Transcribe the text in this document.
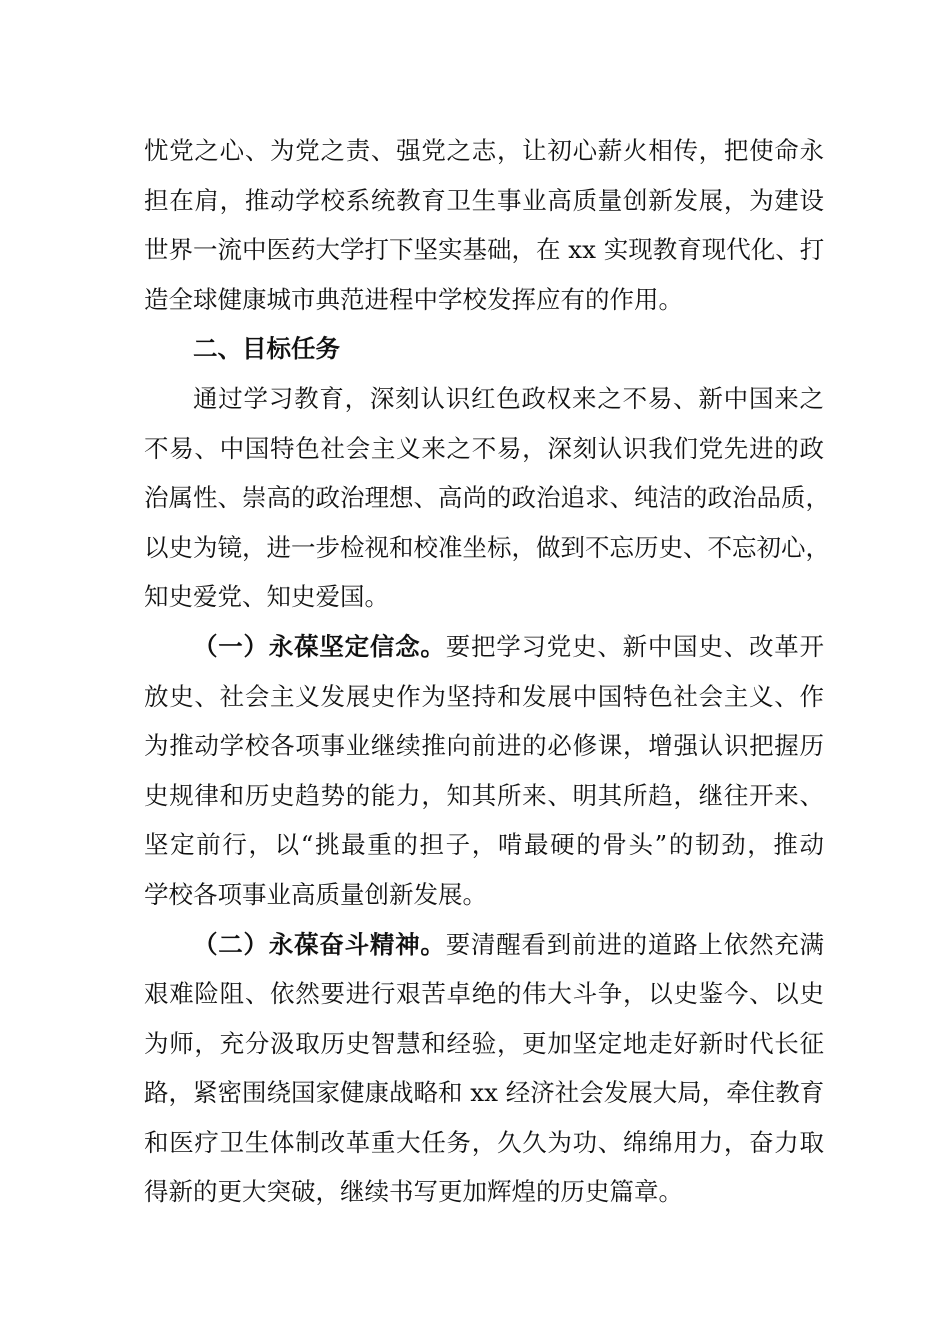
忧党之心、为党之责、强党之志，让初心薪火相传，把使命永
担在肩，推动学校系统教育卫生事业高质量创新发展，为建设
世界一流中医药大学打下坚实基础，在 xx 实现教育现代化、打
造全球健康城市典范进程中学校发挥应有的作用。
二、目标任务
通过学习教育，深刻认识红色政权来之不易、新中国来之
不易、中国特色社会主义来之不易，深刻认识我们党先进的政
治属性、崇高的政治理想、高尚的政治追求、纯洁的政治品质，
以史为镜，进一步检视和校准坐标，做到不忘历史、不忘初心，
知史爱党、知史爱国。
（一）永葆坚定信念。要把学习党史、新中国史、改革开
放史、社会主义发展史作为坚持和发展中国特色社会主义、作
为推动学校各项事业继续推向前进的必修课，增强认识把握历
史规律和历史趋势的能力，知其所来、明其所趋，继往开来、
坚定前行，以“挑最重的担子，啃最硬的骨头”的韧劲，推动
学校各项事业高质量创新发展。
（二）永葆奋斗精神。要清醒看到前进的道路上依然充满
艰难险阻、依然要进行艰苦卓绝的伟大斗争，以史鉴今、以史
为师，充分汲取历史智慧和经验，更加坚定地走好新时代长征
路，紧密围绕国家健康战略和 xx 经济社会发展大局，牵住教育
和医疗卫生体制改革重大任务，久久为功、绵绵用力，奋力取
得新的更大突破，继续书写更加辉煌的历史篇章。
